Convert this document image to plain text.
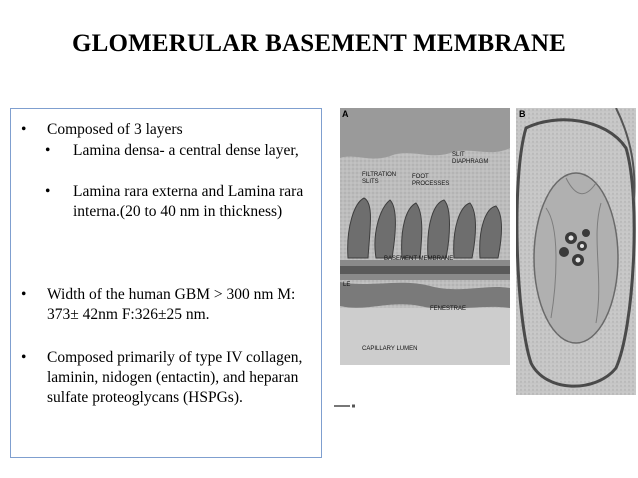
GLOMERULAR BASEMENT MEMBRANE
• Composed of 3 layers
• Lamina densa- a central dense layer,
• Lamina rara externa and Lamina rara interna.(20 to 40 nm in thickness)
• Width of the human GBM > 300 nm M: 373± 42nm F:326±25 nm.
• Composed primarily of type IV collagen, laminin, nidogen (entactin), and heparan sulfate proteoglycans (HSPGs).
A
FILTRATION SLITS
FOOT PROCESSES
SLIT DIAPHRAGM
BASEMENT MEMBRANE
FENESTRAE
CAPILLARY LUMEN
LE
B
